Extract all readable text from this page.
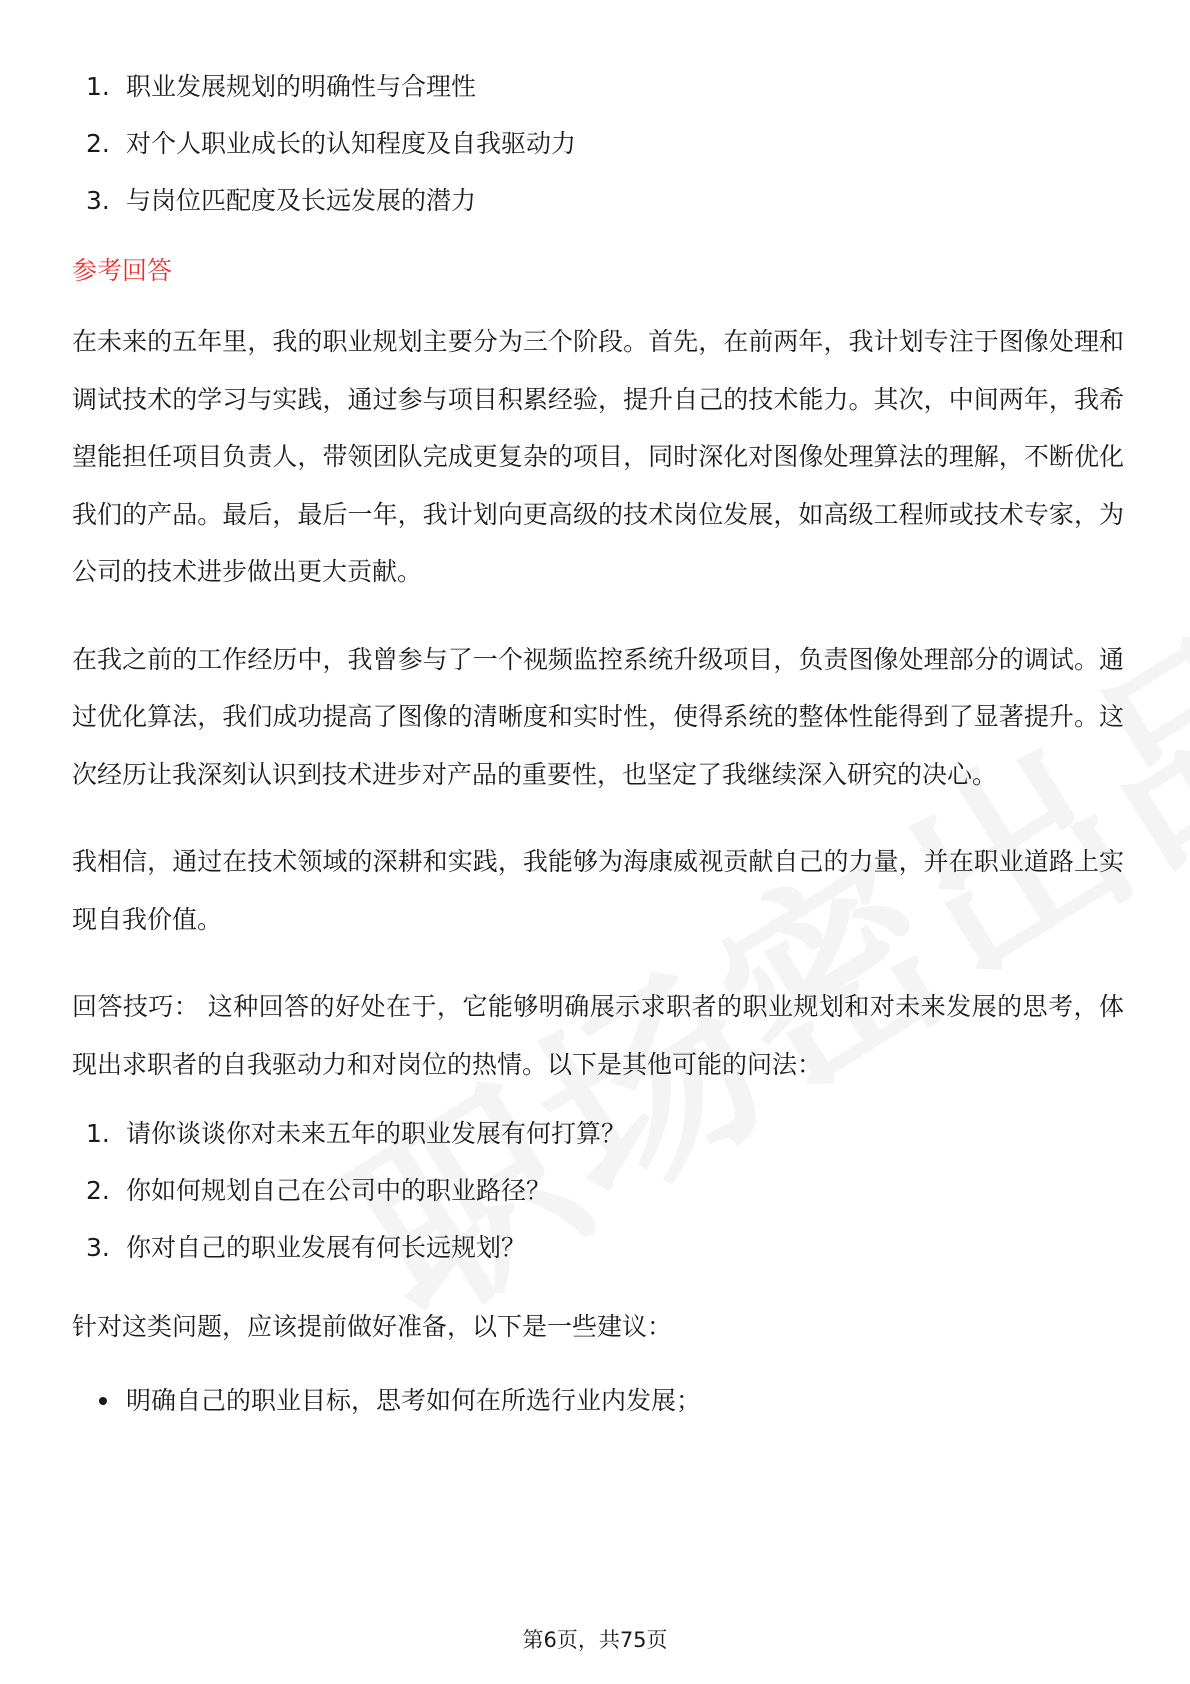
1. 职业发展规划的明确性与合理性
2. 对个人职业成长的认知程度及自我驱动力
3. 与岗位匹配度及长远发展的潜力
参考回答

在未来的五年里，我的职业规划主要分为三个阶段。首先，在前两年，我计划专注于图像处理和调试技术的学习与实践，通过参与项目积累经验，提升自己的技术能力。其次，中间两年，我希望能担任项目负责人，带领团队完成更复杂的项目，同时深化对图像处理算法的理解，不断优化我们的产品。最后，最后一年，我计划向更高级的技术岗位发展，如高级工程师或技术专家，为公司的技术进步做出更大贡献。

在我之前的工作经历中，我曾参与了一个视频监控系统升级项目，负责图像处理部分的调试。通过优化算法，我们成功提高了图像的清晰度和实时性，使得系统的整体性能得到了显著提升。这次经历让我深刻认识到技术进步对产品的重要性，也坚定了我继续深入研究的决心。

我相信，通过在技术领域的深耕和实践，我能够为海康威视贡献自己的力量，并在职业道路上实现自我价值。

回答技巧： 这种回答的好处在于，它能够明确展示求职者的职业规划和对未来发展的思考，体现出求职者的自我驱动力和对岗位的热情。以下是其他可能的问法：

1. 请你谈谈你对未来五年的职业发展有何打算？
2. 你如何规划自己在公司中的职业路径？
3. 你对自己的职业发展有何长远规划？

针对这类问题，应该提前做好准备，以下是一些建议：

明确自己的职业目标，思考如何在所选行业内发展；
第6页，共75页
